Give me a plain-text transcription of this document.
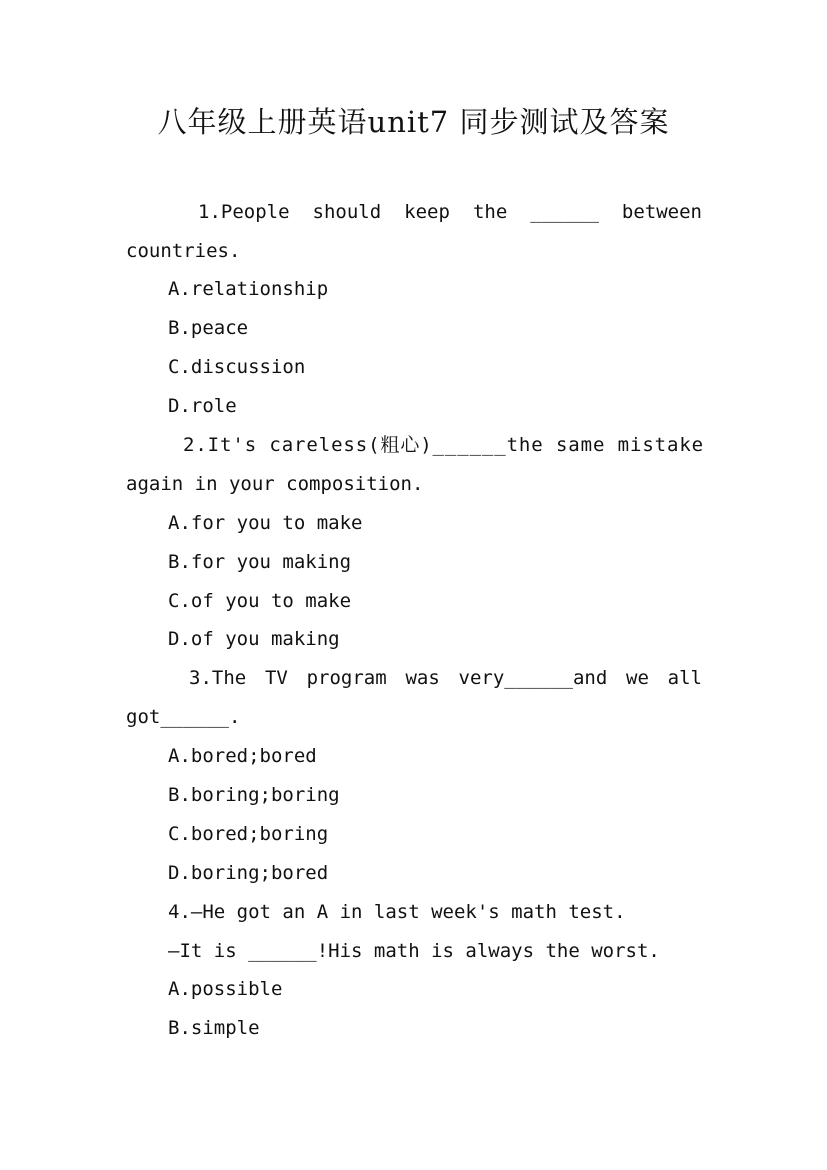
八年级上册英语unit7 同步测试及答案
1.People should keep the ______ between
countries.
A.relationship
B.peace
C.discussion
D.role
2.It's careless(粗心)______the same mistake
again in your composition.
A.for you to make
B.for you making
C.of you to make
D.of you making
3.The TV program was very______and we all
got______.
A.bored;bored
B.boring;boring
C.bored;boring
D.boring;bored
4.—He got an A in last week's math test.
—It is ______!His math is always the worst.
A.possible
B.simple
